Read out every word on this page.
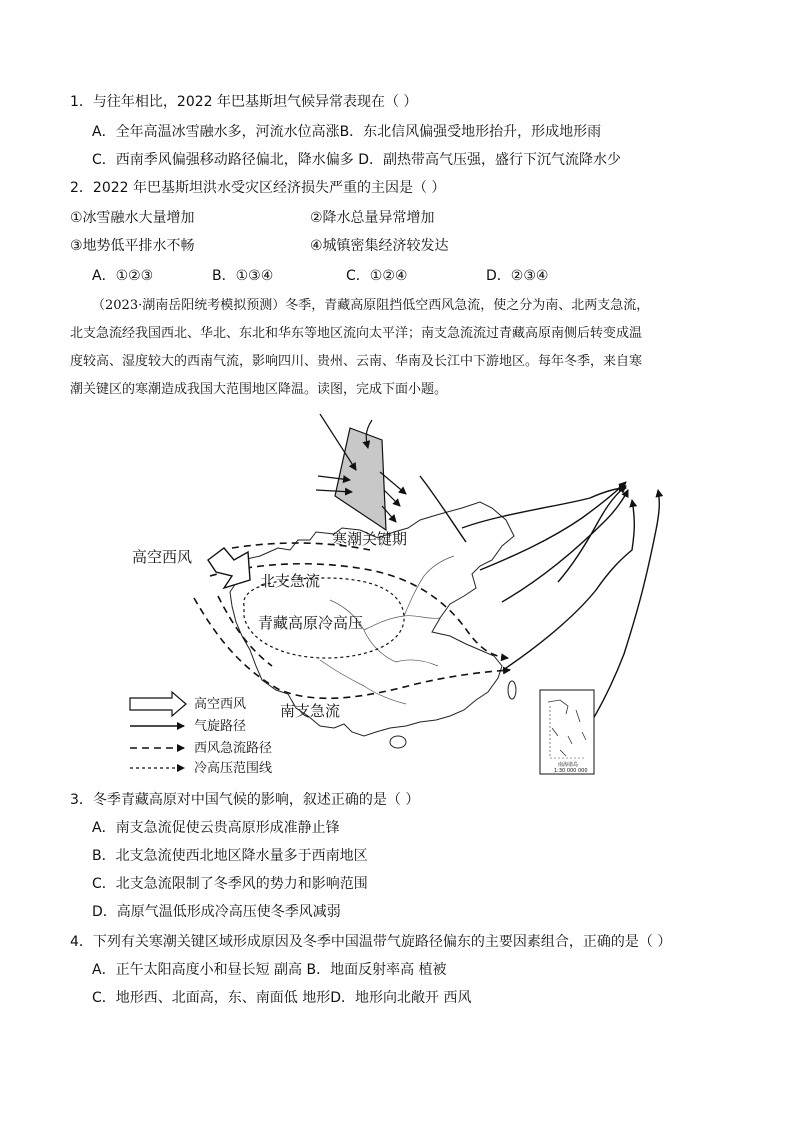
1．与往年相比，2022 年巴基斯坦气候异常表现在（ ）
A．全年高温冰雪融水多，河流水位高涨B．东北信风偏强受地形抬升，形成地形雨
C．西南季风偏强移动路径偏北，降水偏多 D．副热带高气压强，盛行下沉气流降水少
2．2022 年巴基斯坦洪水受灾区经济损失严重的主因是（ ）
①冰雪融水大量增加	②降水总量异常增加
③地势低平排水不畅	④城镇密集经济较发达
A．①②③	B．①③④	C．①②④	D．②③④
（2023·湖南岳阳统考模拟预测）冬季，青藏高原阻挡低空西风急流，使之分为南、北两支急流，
北支急流经我国西北、华北、东北和华东等地区流向太平洋；南支急流流过青藏高原南侧后转变成温
度较高、湿度较大的西南气流，影响四川、贵州、云南、华南及长江中下游地区。每年冬季，来自寒
潮关键区的寒潮造成我国大范围地区降温。读图，完成下面小题。
寒潮关键期
高空西风
北支急流
青藏高原冷高压
南支急流
高空西风
气旋路径
西风急流路径
冷高压范围线	南海诸岛
1:30 000 000
3．冬季青藏高原对中国气候的影响，叙述正确的是（ ）
A．南支急流促使云贵高原形成准静止锋
B．北支急流使西北地区降水量多于西南地区
C．北支急流限制了冬季风的势力和影响范围
D．高原气温低形成冷高压使冬季风减弱
4．下列有关寒潮关键区域形成原因及冬季中国温带气旋路径偏东的主要因素组合，正确的是（ ）
A．正午太阳高度小和昼长短 副高 B．地面反射率高 植被
C．地形西、北面高，东、南面低 地形D．地形向北敞开 西风
